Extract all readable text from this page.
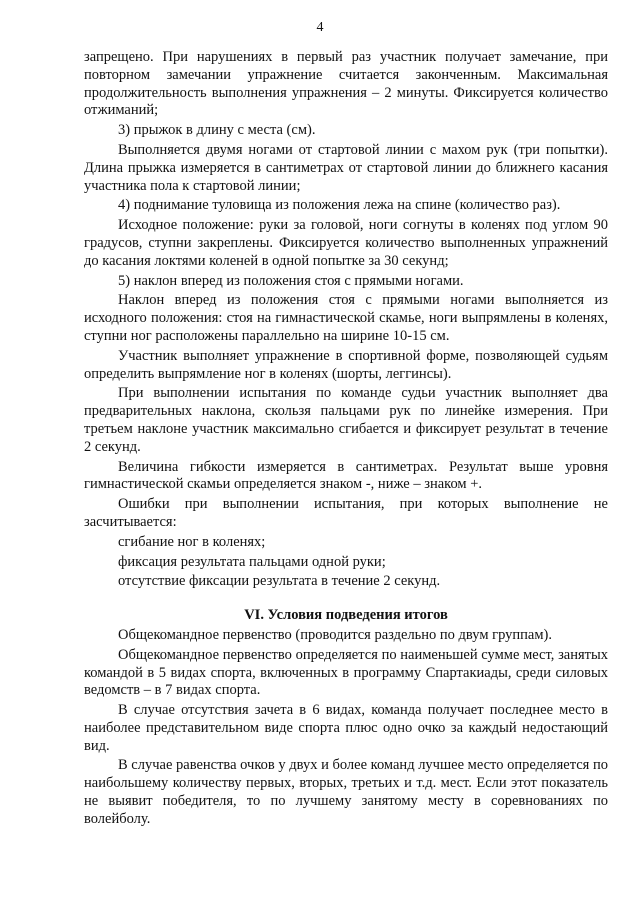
4

запрещено. При нарушениях в первый раз участник получает замечание, при повторном замечании упражнение считается законченным. Максимальная продолжительность выполнения упражнения – 2 минуты. Фиксируется количество отжиманий;

3) прыжок в длину с места (см).

Выполняется двумя ногами от стартовой линии с махом рук (три попытки). Длина прыжка измеряется в сантиметрах от стартовой линии до ближнего касания участника пола к стартовой линии;

4) поднимание туловища из положения лежа на спине (количество раз).

Исходное положение: руки за головой, ноги согнуты в коленях под углом 90 градусов, ступни закреплены. Фиксируется количество выполненных упражнений до касания локтями коленей в одной попытке за 30 секунд;

5) наклон вперед из положения стоя с прямыми ногами.

Наклон вперед из положения стоя с прямыми ногами выполняется из исходного положения: стоя на гимнастической скамье, ноги выпрямлены в коленях, ступни ног расположены параллельно на ширине 10-15 см.

Участник выполняет упражнение в спортивной форме, позволяющей судьям определить выпрямление ног в коленях (шорты, леггинсы).

При выполнении испытания по команде судьи участник выполняет два предварительных наклона, скользя пальцами рук по линейке измерения. При третьем наклоне участник максимально сгибается и фиксирует результат в течение 2 секунд.

Величина гибкости измеряется в сантиметрах. Результат выше уровня гимнастической скамьи определяется знаком -, ниже – знаком +.

Ошибки при выполнении испытания, при которых выполнение не засчитывается:

сгибание ног в коленях;

фиксация результата пальцами одной руки;

отсутствие фиксации результата в течение 2 секунд.

VI. Условия подведения итогов

Общекомандное первенство (проводится раздельно по двум группам).

Общекомандное первенство определяется по наименьшей сумме мест, занятых командой в 5 видах спорта, включенных в программу Спартакиады, среди силовых ведомств – в 7 видах спорта.

В случае отсутствия зачета в 6 видах, команда получает последнее место в наиболее представительном виде спорта плюс одно очко за каждый недостающий вид.

В случае равенства очков у двух и более команд лучшее место определяется по наибольшему количеству первых, вторых, третьих и т.д. мест. Если этот показатель не выявит победителя, то по лучшему занятому месту в соревнованиях по волейболу.
